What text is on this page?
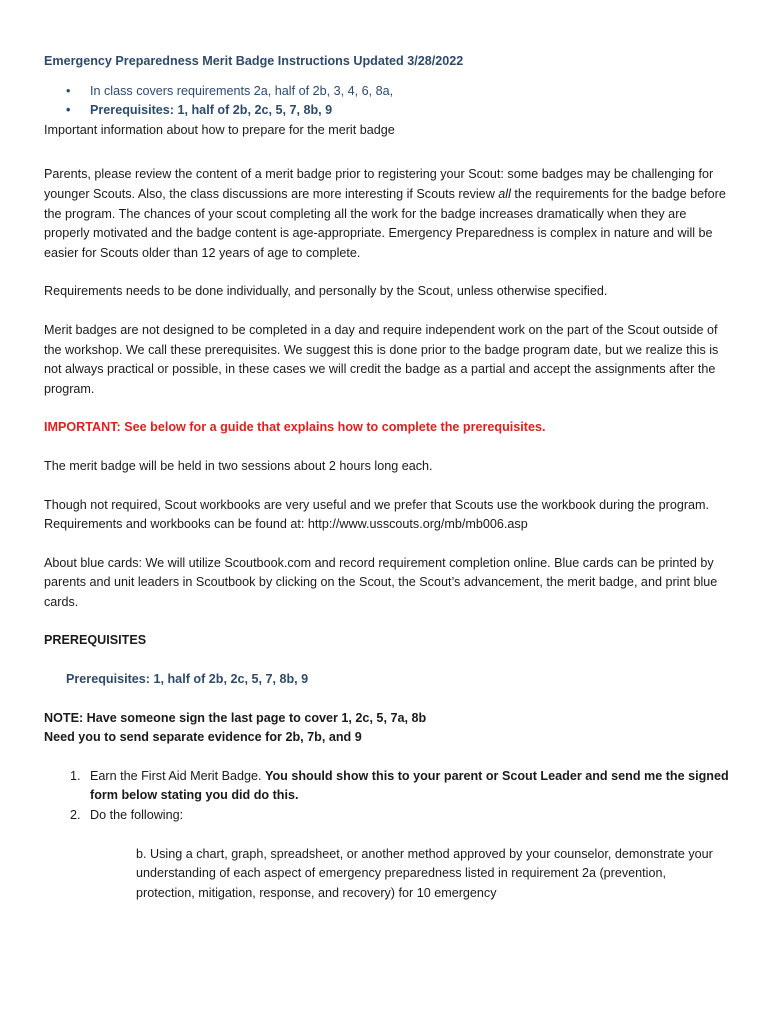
Emergency Preparedness Merit Badge Instructions Updated 3/28/2022
• In class covers requirements 2a, half of 2b, 3, 4, 6, 8a,
• Prerequisites: 1, half of 2b, 2c, 5, 7, 8b, 9

Important information about how to prepare for the merit badge

Parents, please review the content of a merit badge prior to registering your Scout: some badges may be challenging for younger Scouts. Also, the class discussions are more interesting if Scouts review all the requirements for the badge before the program. The chances of your scout completing all the work for the badge increases dramatically when they are properly motivated and the badge content is age-appropriate. Emergency Preparedness is complex in nature and will be easier for Scouts older than 12 years of age to complete.

Requirements needs to be done individually, and personally by the Scout, unless otherwise specified.

Merit badges are not designed to be completed in a day and require independent work on the part of the Scout outside of the workshop. We call these prerequisites. We suggest this is done prior to the badge program date, but we realize this is not always practical or possible, in these cases we will credit the badge as a partial and accept the assignments after the program.

IMPORTANT: See below for a guide that explains how to complete the prerequisites.

The merit badge will be held in two sessions about 2 hours long each.

Though not required, Scout workbooks are very useful and we prefer that Scouts use the workbook during the program. Requirements and workbooks can be found at: http://www.usscouts.org/mb/mb006.asp

About blue cards: We will utilize Scoutbook.com and record requirement completion online. Blue cards can be printed by parents and unit leaders in Scoutbook by clicking on the Scout, the Scout’s advancement, the merit badge, and print blue cards.

PREREQUISITES
Prerequisites: 1, half of 2b, 2c, 5, 7, 8b, 9

NOTE: Have someone sign the last page to cover 1, 2c, 5, 7a, 8b

Need you to send separate evidence for 2b, 7b, and 9

1. Earn the First Aid Merit Badge. You should show this to your parent or Scout Leader and send me the signed form below stating you did do this.
2. Do the following:
b. Using a chart, graph, spreadsheet, or another method approved by your counselor, demonstrate your understanding of each aspect of emergency preparedness listed in requirement 2a (prevention, protection, mitigation, response, and recovery) for 10 emergency
